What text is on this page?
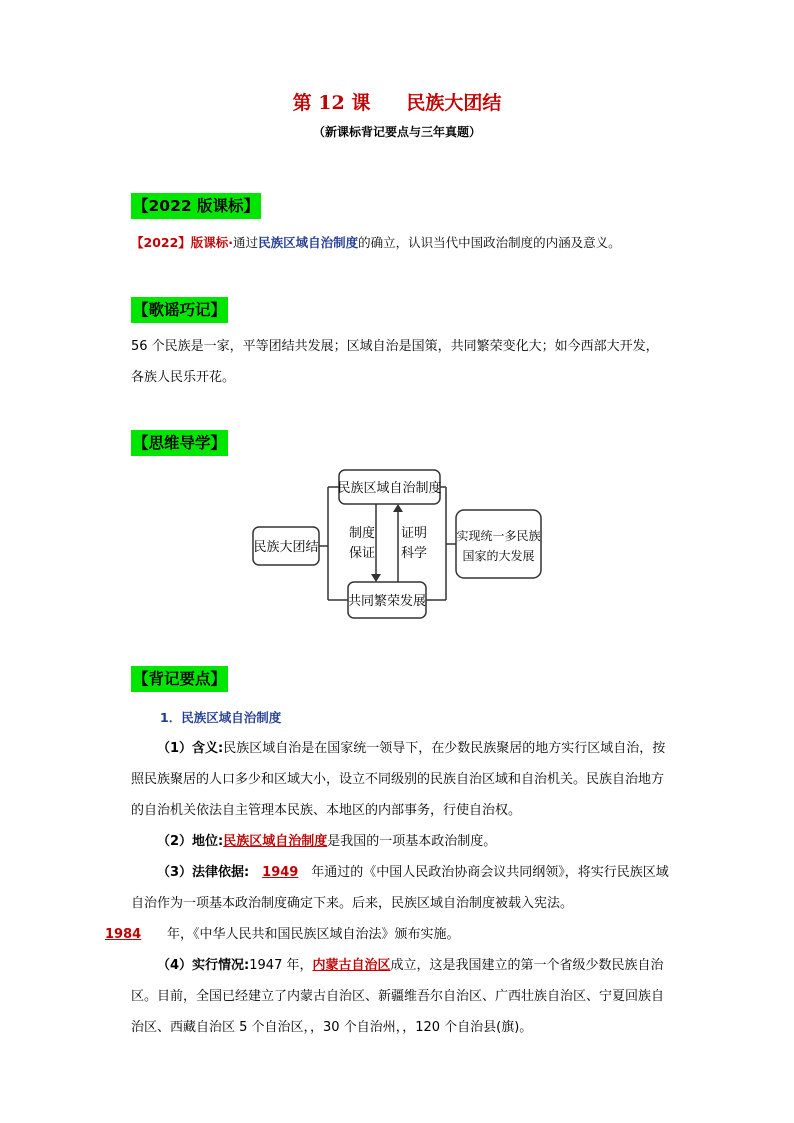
第 12 课 民族大团结
（新课标背记要点与三年真题）
【2022 版课标】
【2022】版课标·通过民族区域自治制度的确立，认识当代中国政治制度的内涵及意义。
【歌谣巧记】
56 个民族是一家，平等团结共发展；区域自治是国策，共同繁荣变化大；如今西部大开发，各族人民乐开花。
【思维导学】
民族大团结
民族区域自治制度
共同繁荣发展
制度
保证
证明
科学
实现统一多民族
国家的大发展
【背记要点】
1．民族区域自治制度
（1）含义:民族区域自治是在国家统一领导下，在少数民族聚居的地方实行区域自治，按照民族聚居的人口多少和区域大小，设立不同级别的民族自治区域和自治机关。民族自治地方的自治机关依法自主管理本民族、本地区的内部事务，行使自治权。
（2）地位:民族区域自治制度是我国的一项基本政治制度。
（3）法律依据: 1949 年通过的《中国人民政治协商会议共同纲领》，将实行民族区域自治作为一项基本政治制度确定下来。后来，民族区域自治制度被载入宪法。
1984 年，《中华人民共和国民族区域自治法》颁布实施。
（4）实行情况:1947 年，内蒙古自治区成立，这是我国建立的第一个省级少数民族自治区。目前，全国已经建立了内蒙古自治区、新疆维吾尔自治区、广西壮族自治区、宁夏回族自治区、西藏自治区 5 个自治区，，30 个自治州，，120 个自治县(旗)。
